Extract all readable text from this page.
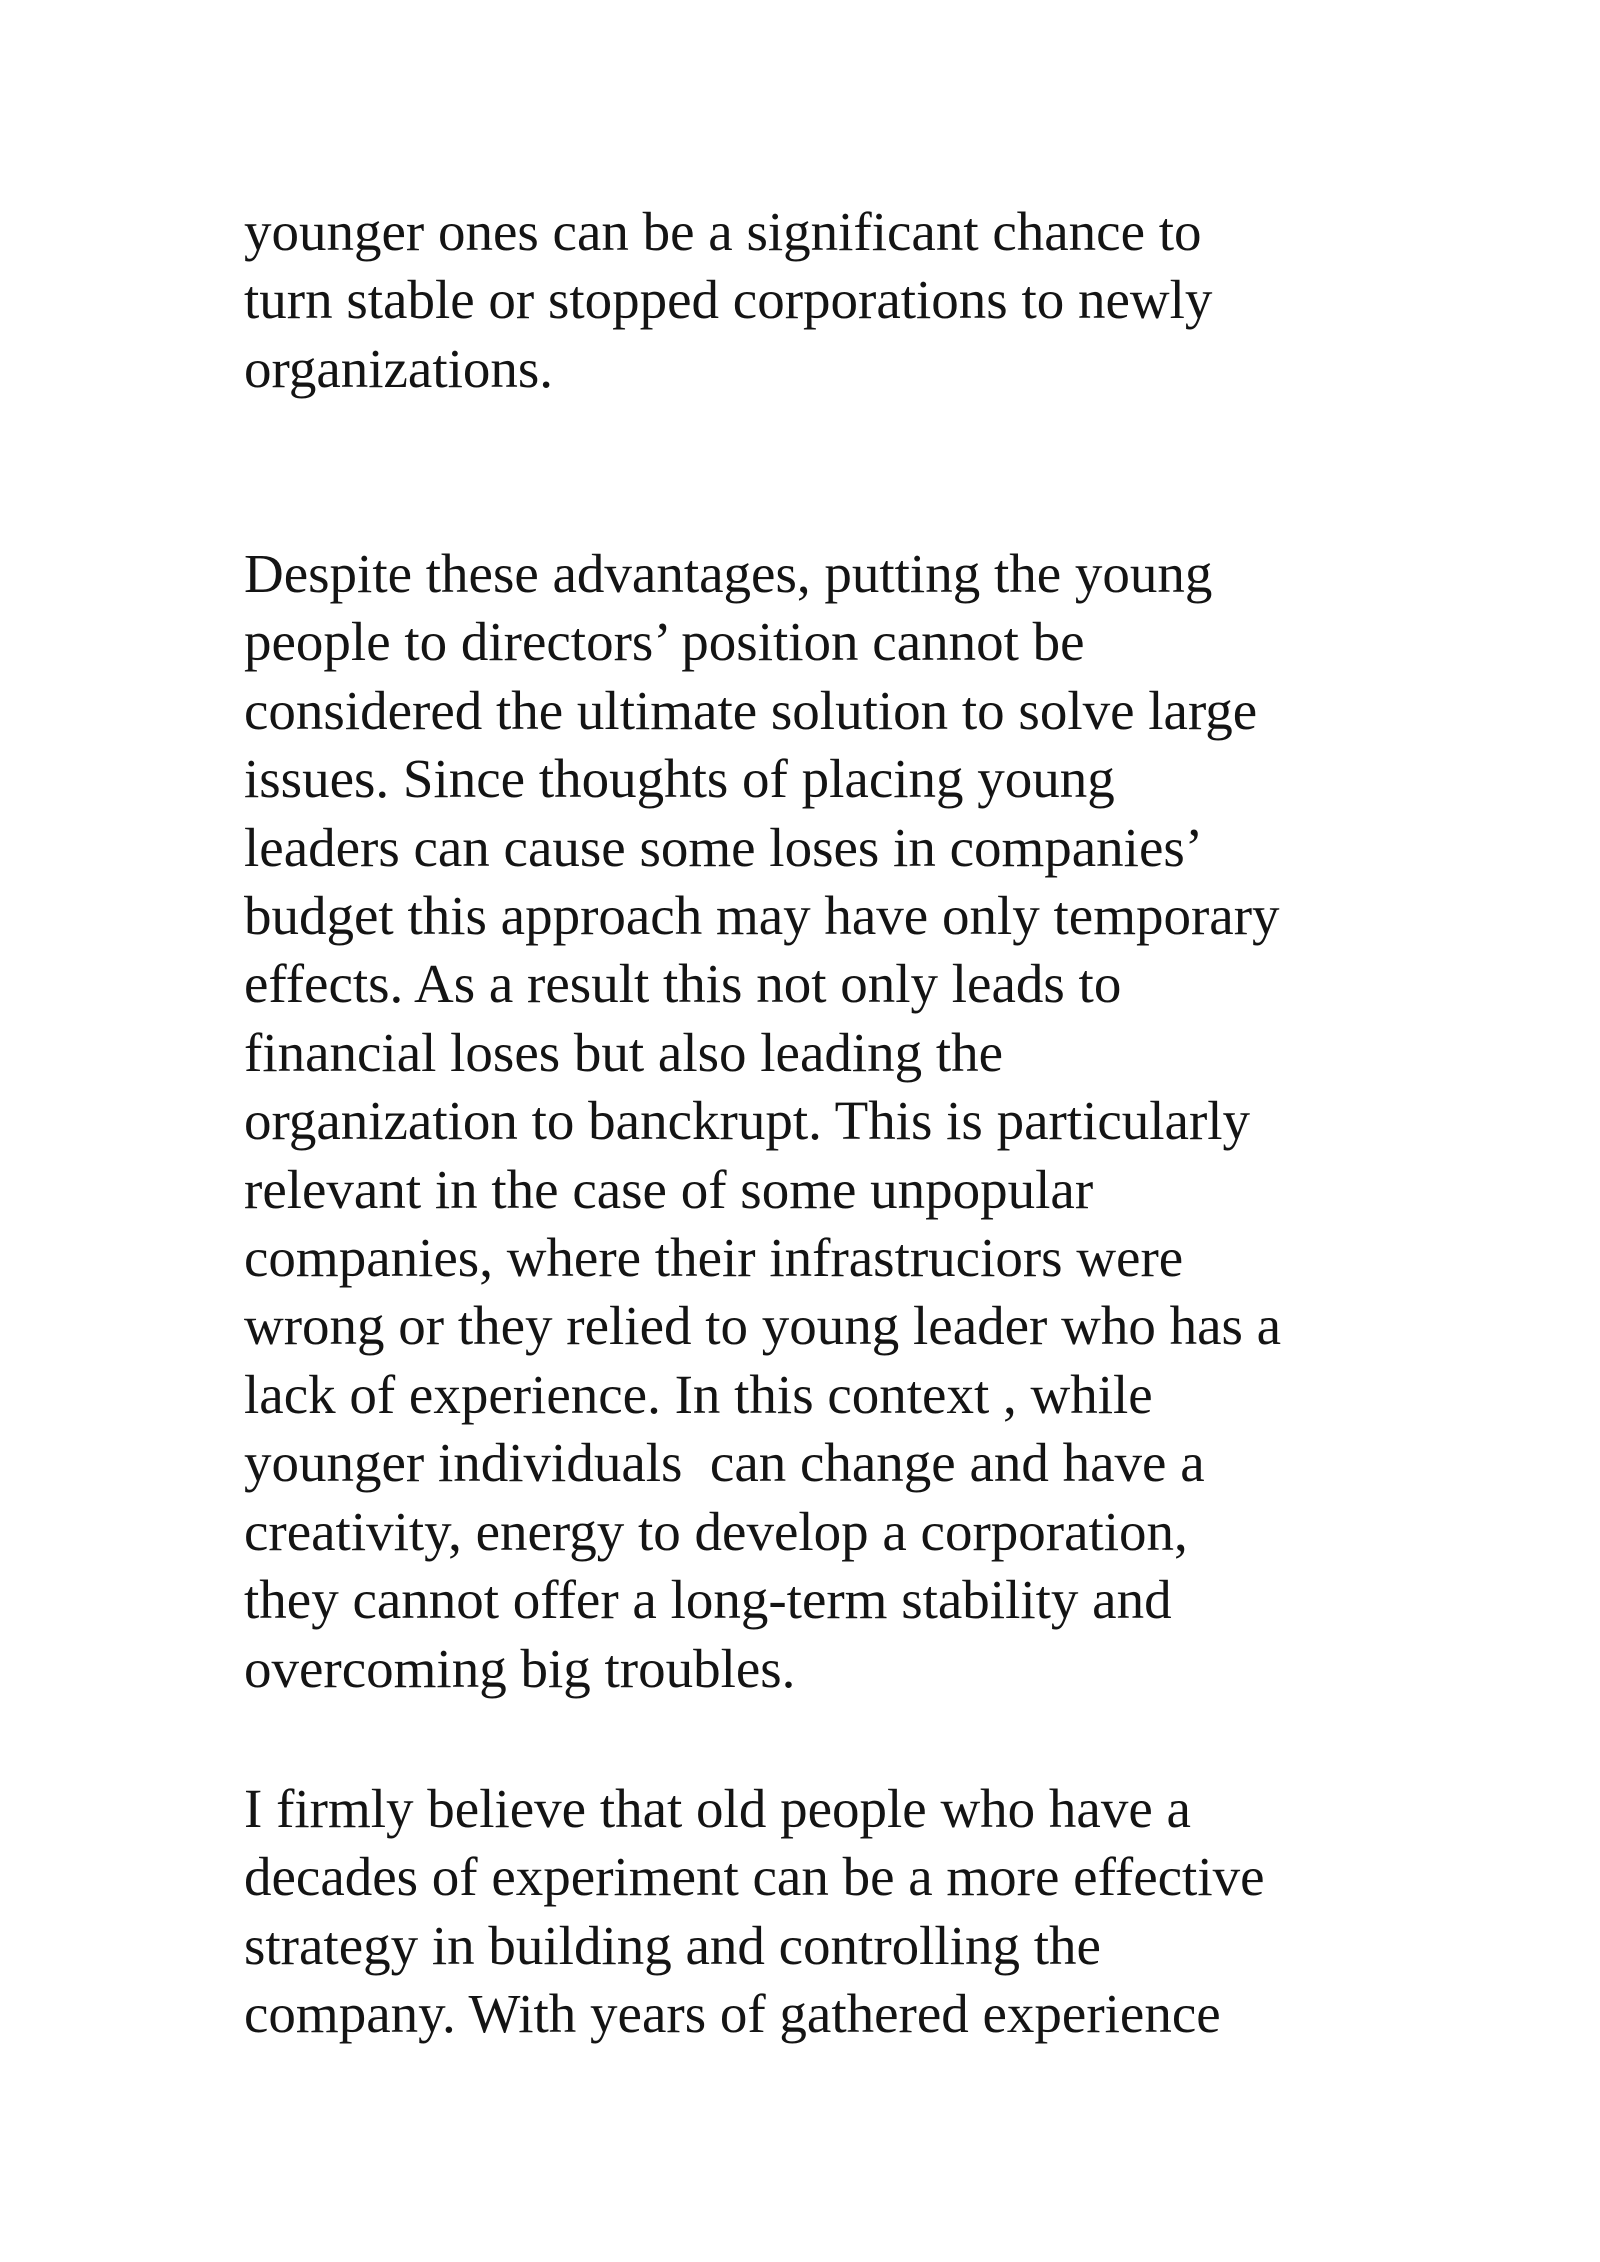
younger ones can be a significant chance to
turn stable or stopped corporations to newly
organizations.

Despite these advantages, putting the young
people to directors’ position cannot be
considered the ultimate solution to solve large
issues. Since thoughts of placing young
leaders can cause some loses in companies’
budget this approach may have only temporary
effects. As a result this not only leads to
financial loses but also leading the
organization to banckrupt. This is particularly
relevant in the case of some unpopular
companies, where their infrastruciors were
wrong or they relied to young leader who has a
lack of experience. In this context , while
younger individuals  can change and have a
creativity, energy to develop a corporation,
they cannot offer a long-term stability and
overcoming big troubles.

I firmly believe that old people who have a
decades of experiment can be a more effective
strategy in building and controlling the
company. With years of gathered experience
